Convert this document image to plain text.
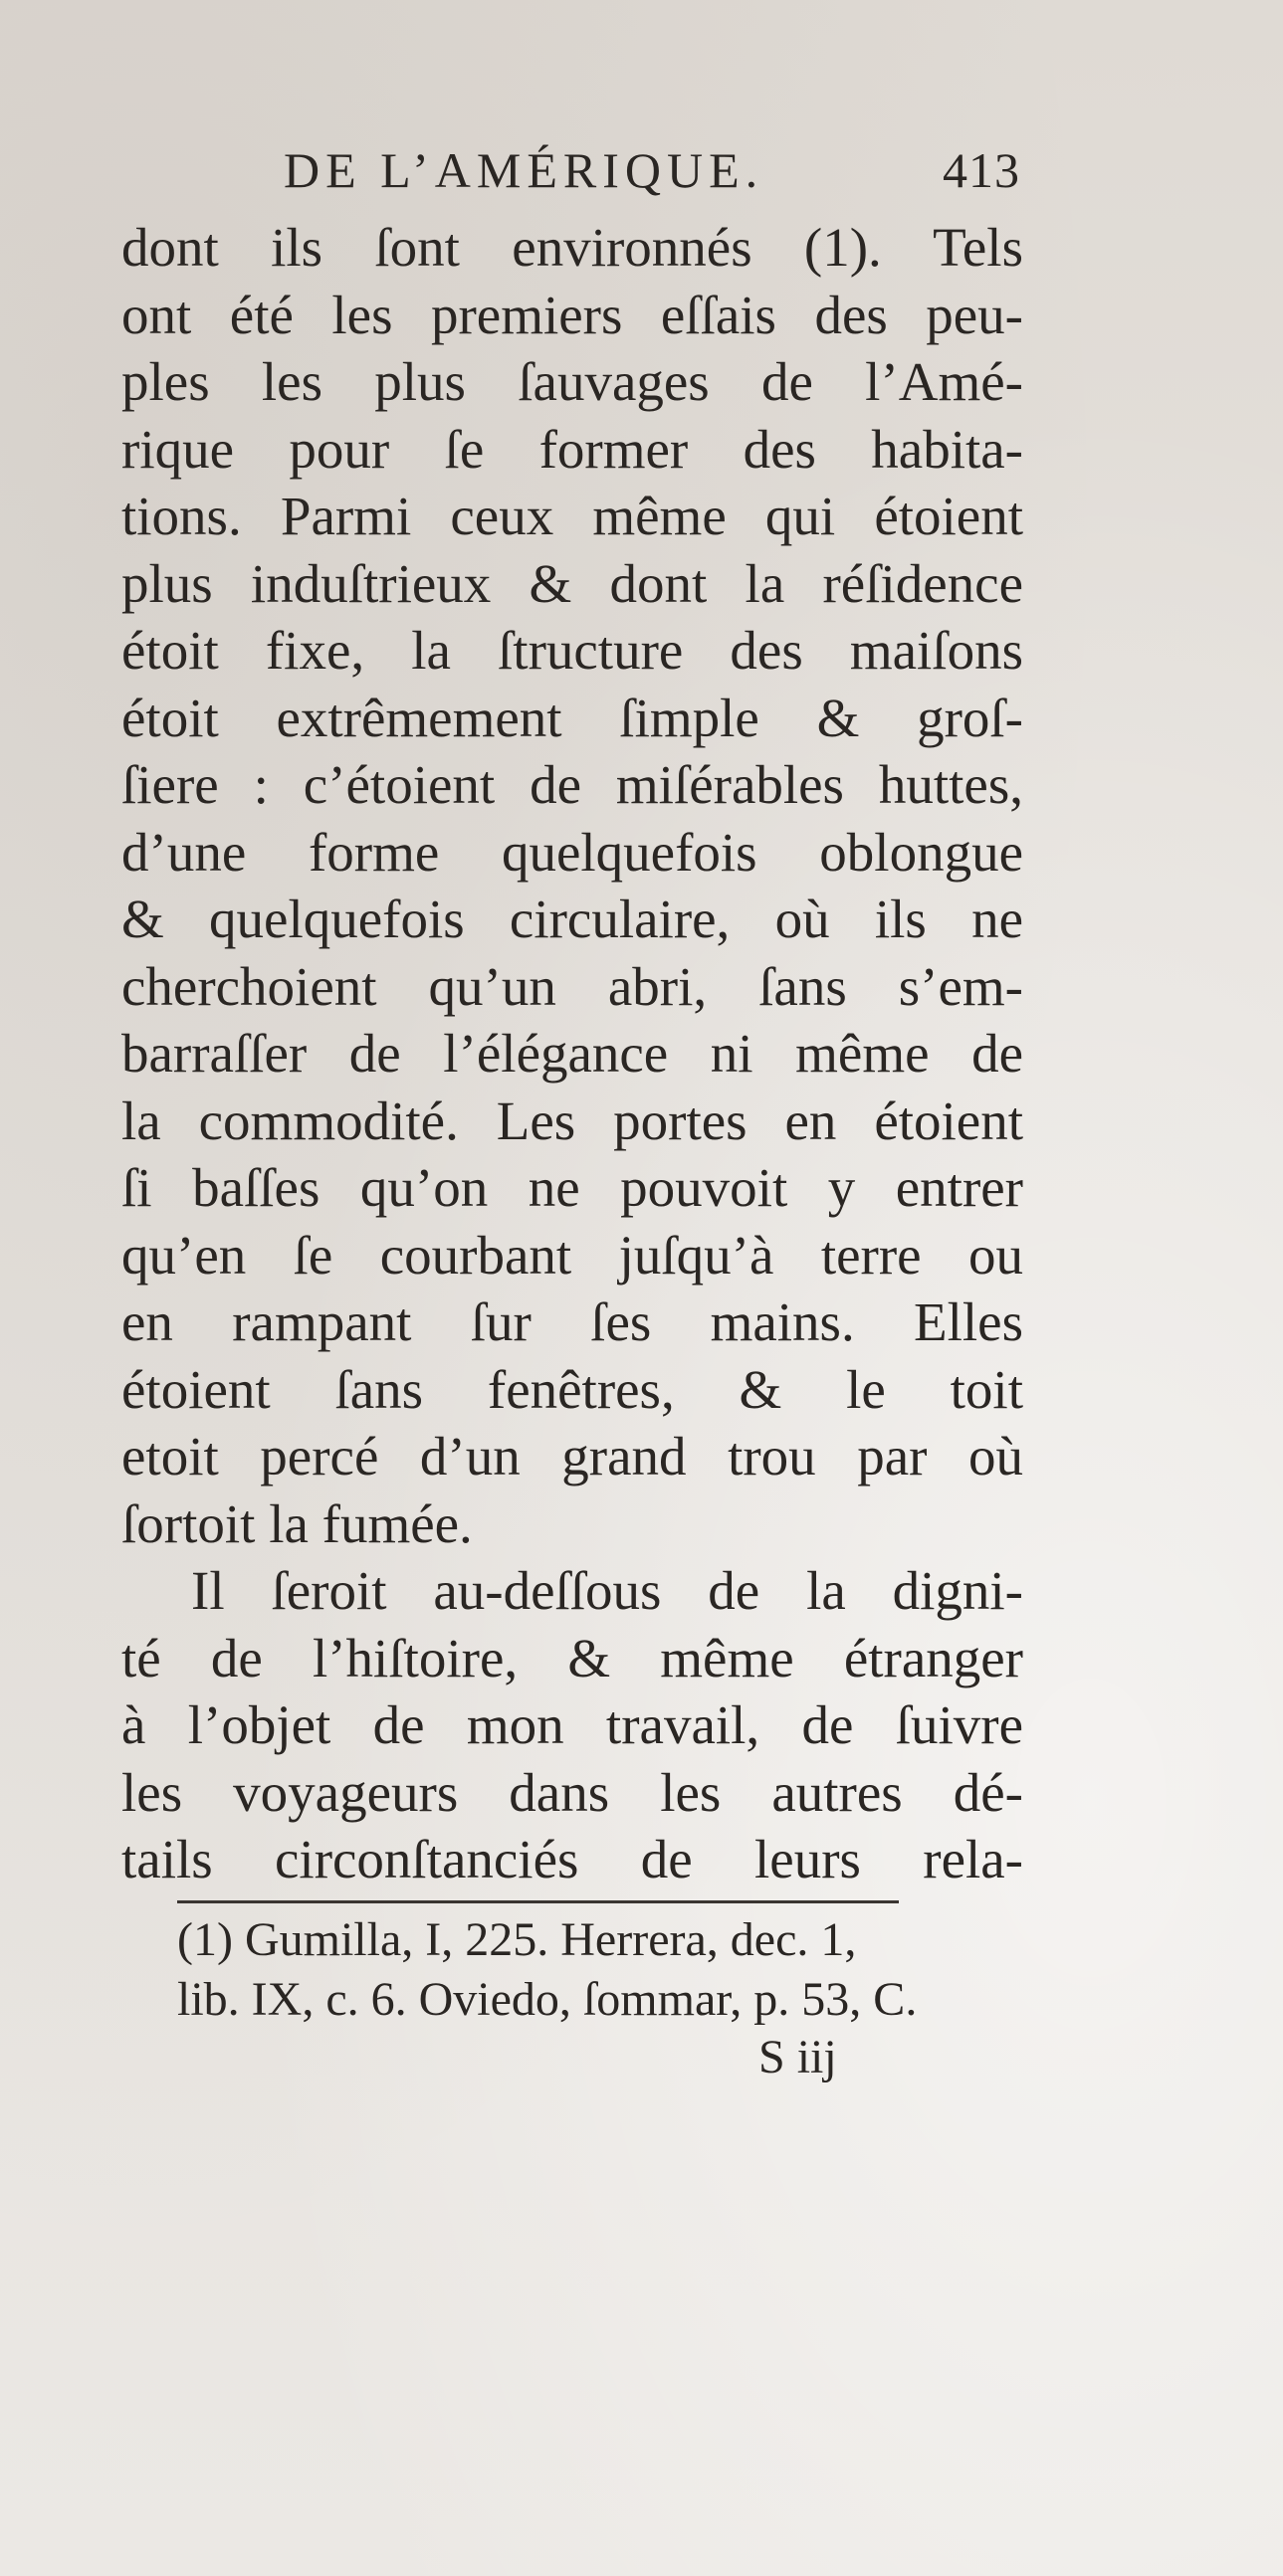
DE L’AMÉRIQUE.	413
dont ils ſont environnés (1). Tels
ont été les premiers eſſais des peu-
ples les plus ſauvages de l’Amé-
rique pour ſe former des habita-
tions. Parmi ceux même qui étoient
plus induſtrieux & dont la réſidence
étoit fixe, la ſtructure des maiſons
étoit extrêmement ſimple & groſ-
ſiere : c’étoient de miſérables huttes,
d’une forme quelquefois oblongue
& quelquefois circulaire, où ils ne
cherchoient qu’un abri, ſans s’em-
barraſſer de l’élégance ni même de
la commodité. Les portes en étoient
ſi baſſes qu’on ne pouvoit y entrer
qu’en ſe courbant juſqu’à terre ou
en rampant ſur ſes mains. Elles
étoient ſans fenêtres, & le toit
etoit percé d’un grand trou par où
ſortoit la fumée.
Il ſeroit au-deſſous de la digni-
té de l’hiſtoire, & même étranger
à l’objet de mon travail, de ſuivre
les voyageurs dans les autres dé-
tails circonſtanciés de leurs rela-
(1) Gumilla, I, 225. Herrera, dec. 1,
lib. IX, c. 6. Oviedo, ſommar, p. 53, C.
S iij
